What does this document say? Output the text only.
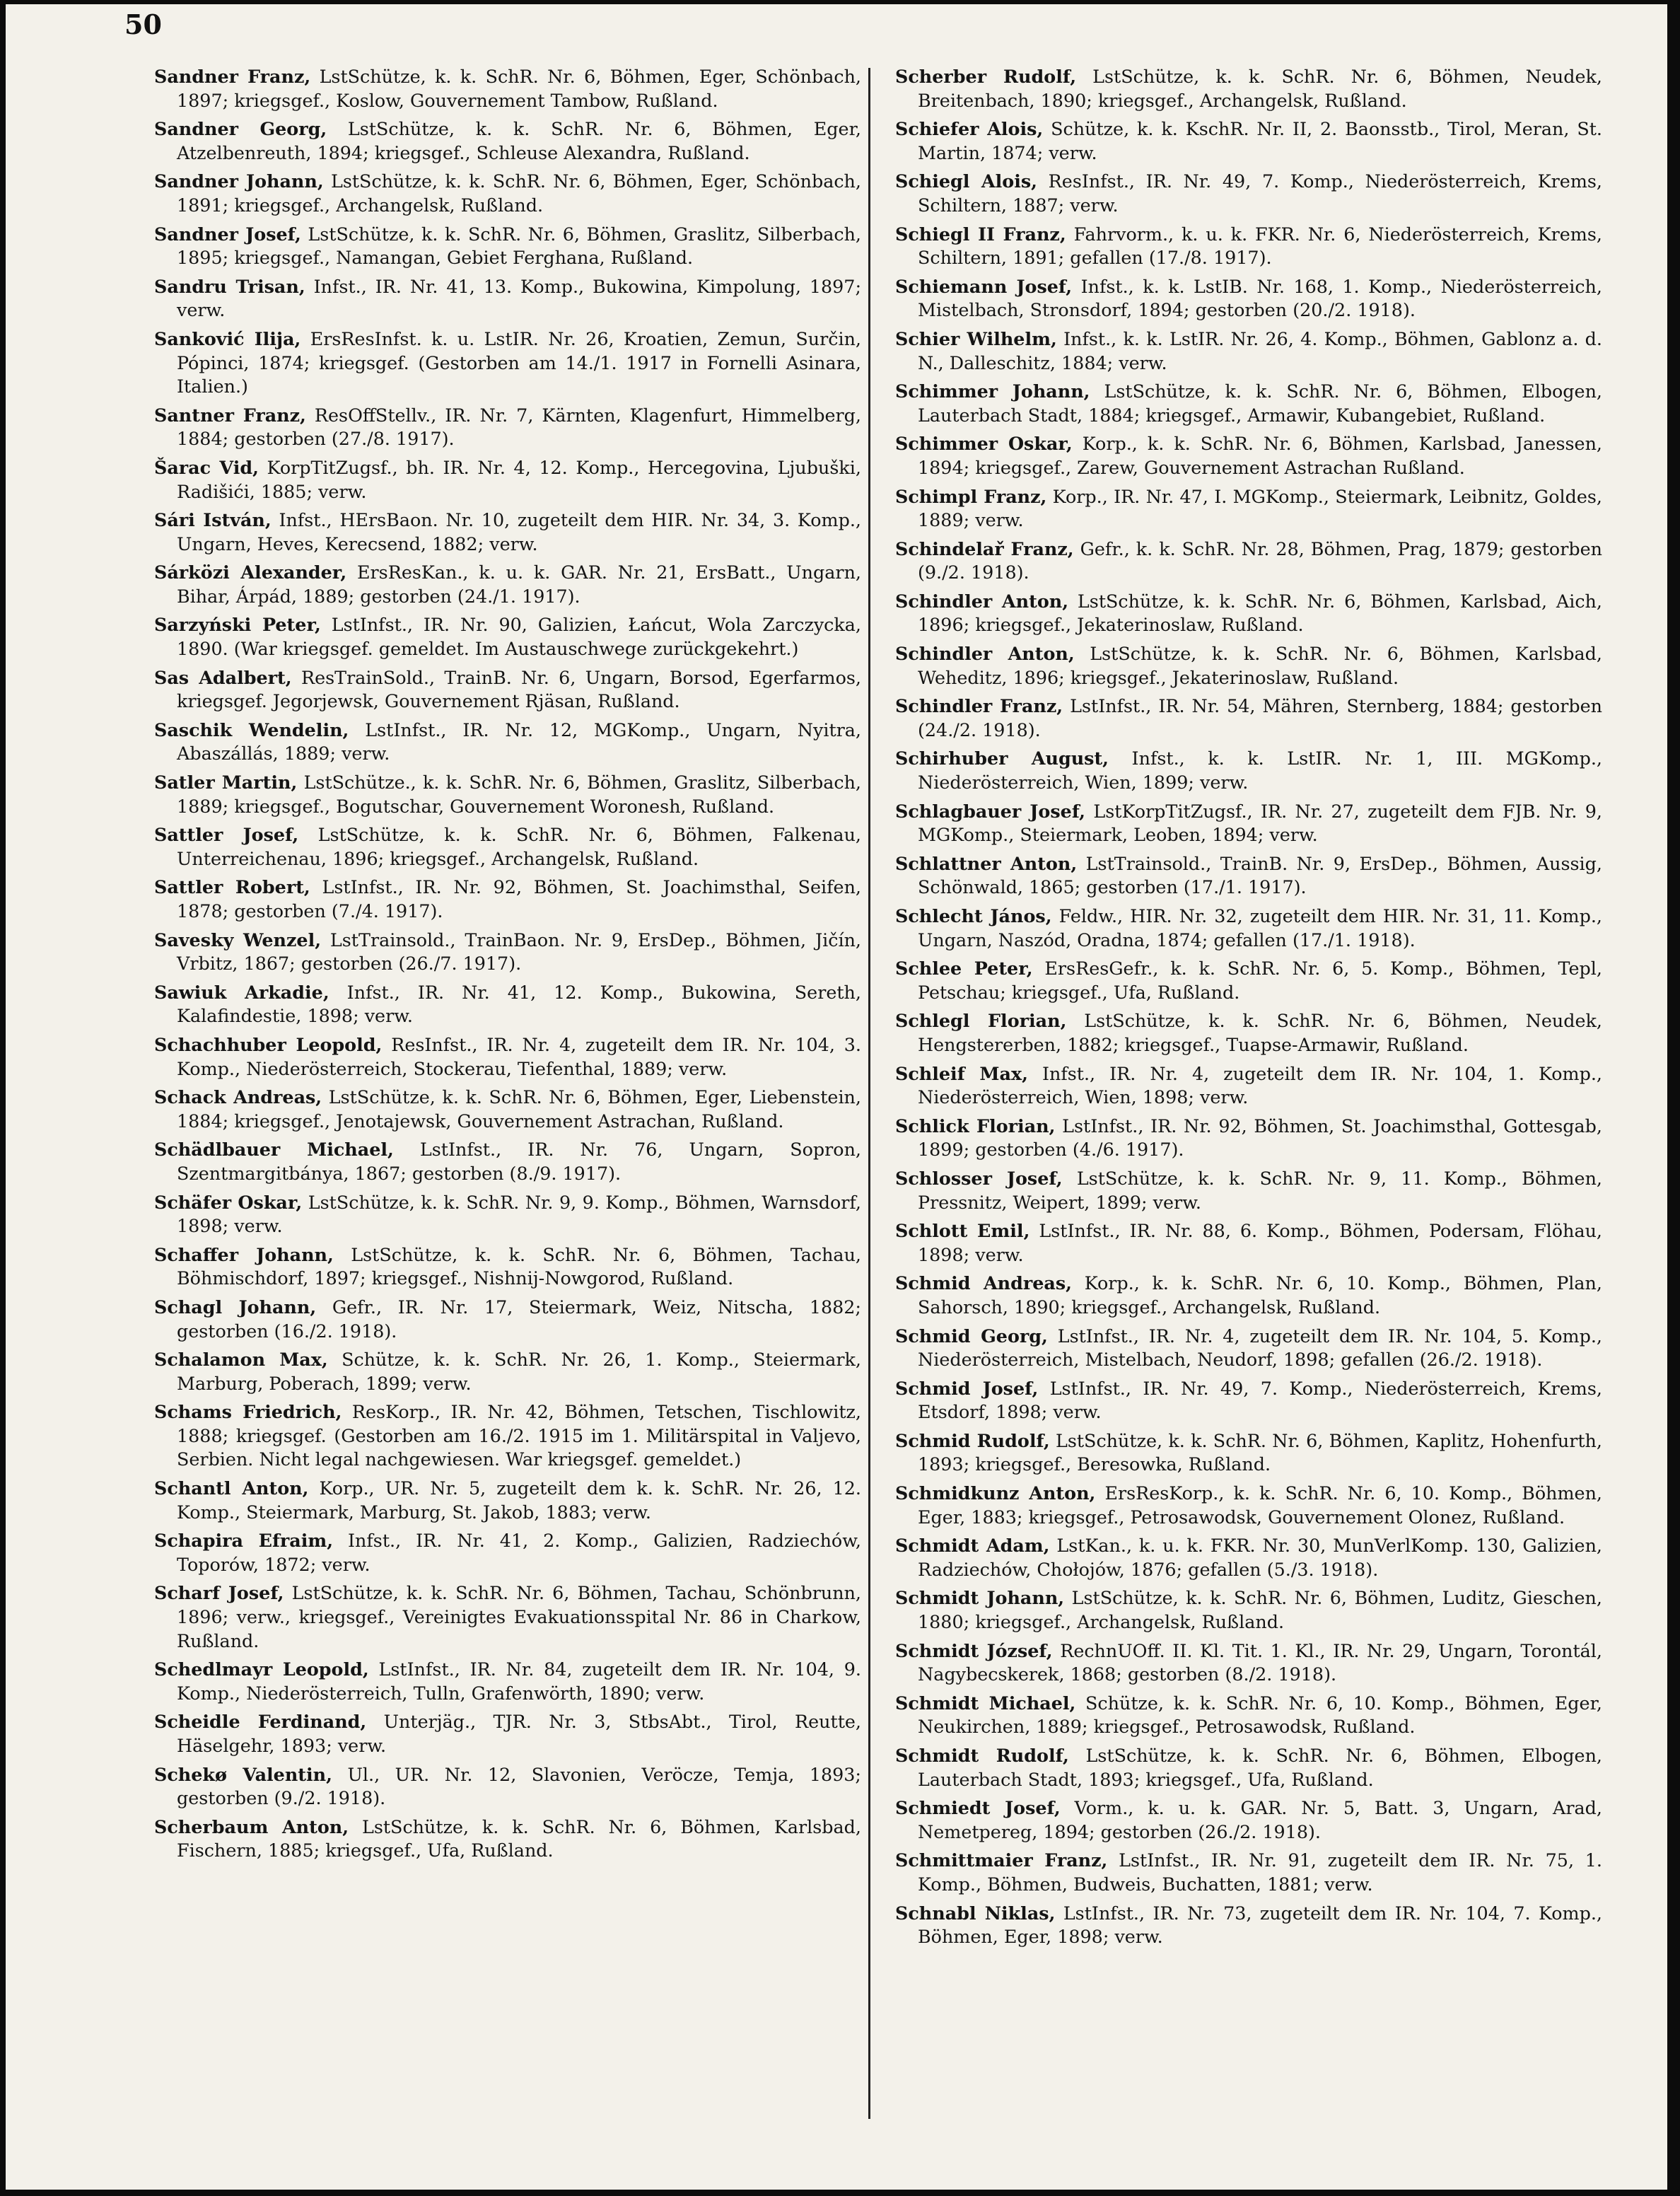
50

Sandner Franz, LstSchütze, k. k. SchR. Nr. 6, Böhmen, Eger, Schönbach, 1897; kriegsgef., Koslow, Gouvernement Tambow, Rußland.

Sandner Georg, LstSchütze, k. k. SchR. Nr. 6, Böhmen, Eger, Atzelbenreuth, 1894; kriegsgef., Schleuse Alexandra, Rußland.

Sandner Johann, LstSchütze, k. k. SchR. Nr. 6, Böhmen, Eger, Schönbach, 1891; kriegsgef., Archangelsk, Rußland.

Sandner Josef, LstSchütze, k. k. SchR. Nr. 6, Böhmen, Graslitz, Silberbach, 1895; kriegsgef., Namangan, Gebiet Ferghana, Rußland.

Sandru Trisan, Infst., IR. Nr. 41, 13. Komp., Bukowina, Kimpolung, 1897; verw.

Sanković Ilija, ErsResInfst. k. u. LstIR. Nr. 26, Kroatien, Zemun, Surčin, Pópinci, 1874; kriegsgef. (Gestorben am 14./1. 1917 in Fornelli Asinara, Italien.)

Santner Franz, ResOffStellv., IR. Nr. 7, Kärnten, Klagenfurt, Himmelberg, 1884; gestorben (27./8. 1917).

Šarac Vid, KorpTitZugsf., bh. IR. Nr. 4, 12. Komp., Hercegovina, Ljubuški, Radišići, 1885; verw.

Sári István, Infst., HErsBaon. Nr. 10, zugeteilt dem HIR. Nr. 34, 3. Komp., Ungarn, Heves, Kerecsend, 1882; verw.

Sárközi Alexander, ErsResKan., k. u. k. GAR. Nr. 21, ErsBatt., Ungarn, Bihar, Árpád, 1889; gestorben (24./1. 1917).

Sarzyński Peter, LstInfst., IR. Nr. 90, Galizien, Łańcut, Wola Zarczycka, 1890. (War kriegsgef. gemeldet. Im Austauschwege zurückgekehrt.)

Sas Adalbert, ResTrainSold., TrainB. Nr. 6, Ungarn, Borsod, Egerfarmos, kriegsgef. Jegorjewsk, Gouvernement Rjäsan, Rußland.

Saschik Wendelin, LstInfst., IR. Nr. 12, MGKomp., Ungarn, Nyitra, Abaszállás, 1889; verw.

Satler Martin, LstSchütze., k. k. SchR. Nr. 6, Böhmen, Graslitz, Silberbach, 1889; kriegsgef., Bogutschar, Gouvernement Woronesh, Rußland.

Sattler Josef, LstSchütze, k. k. SchR. Nr. 6, Böhmen, Falkenau, Unterreichenau, 1896; kriegsgef., Archangelsk, Rußland.

Sattler Robert, LstInfst., IR. Nr. 92, Böhmen, St. Joachimsthal, Seifen, 1878; gestorben (7./4. 1917).

Savesky Wenzel, LstTrainsold., TrainBaon. Nr. 9, ErsDep., Böhmen, Jičín, Vrbitz, 1867; gestorben (26./7. 1917).

Sawiuk Arkadie, Infst., IR. Nr. 41, 12. Komp., Bukowina, Sereth, Kalafindestie, 1898; verw.

Schachhuber Leopold, ResInfst., IR. Nr. 4, zugeteilt dem IR. Nr. 104, 3. Komp., Niederösterreich, Stockerau, Tiefenthal, 1889; verw.

Schack Andreas, LstSchütze, k. k. SchR. Nr. 6, Böhmen, Eger, Liebenstein, 1884; kriegsgef., Jenotajewsk, Gouvernement Astrachan, Rußland.

Schädlbauer Michael, LstInfst., IR. Nr. 76, Ungarn, Sopron, Szentmargitbánya, 1867; gestorben (8./9. 1917).

Schäfer Oskar, LstSchütze, k. k. SchR. Nr. 9, 9. Komp., Böhmen, Warnsdorf, 1898; verw.

Schaffer Johann, LstSchütze, k. k. SchR. Nr. 6, Böhmen, Tachau, Böhmischdorf, 1897; kriegsgef., Nishnij-Nowgorod, Rußland.

Schagl Johann, Gefr., IR. Nr. 17, Steiermark, Weiz, Nitscha, 1882; gestorben (16./2. 1918).

Schalamon Max, Schütze, k. k. SchR. Nr. 26, 1. Komp., Steiermark, Marburg, Poberach, 1899; verw.

Schams Friedrich, ResKorp., IR. Nr. 42, Böhmen, Tetschen, Tischlowitz, 1888; kriegsgef. (Gestorben am 16./2. 1915 im 1. Militärspital in Valjevo, Serbien. Nicht legal nachgewiesen. War kriegsgef. gemeldet.)

Schantl Anton, Korp., UR. Nr. 5, zugeteilt dem k. k. SchR. Nr. 26, 12. Komp., Steiermark, Marburg, St. Jakob, 1883; verw.

Schapira Efraim, Infst., IR. Nr. 41, 2. Komp., Galizien, Radziechów, Toporów, 1872; verw.

Scharf Josef, LstSchütze, k. k. SchR. Nr. 6, Böhmen, Tachau, Schönbrunn, 1896; verw., kriegsgef., Vereinigtes Evakuationsspital Nr. 86 in Charkow, Rußland.

Schedlmayr Leopold, LstInfst., IR. Nr. 84, zugeteilt dem IR. Nr. 104, 9. Komp., Niederösterreich, Tulln, Grafenwörth, 1890; verw.

Scheidle Ferdinand, Unterjäg., TJR. Nr. 3, StbsAbt., Tirol, Reutte, Häselgehr, 1893; verw.

Schekø Valentin, Ul., UR. Nr. 12, Slavonien, Veröcze, Temja, 1893; gestorben (9./2. 1918).

Scherbaum Anton, LstSchütze, k. k. SchR. Nr. 6, Böhmen, Karlsbad, Fischern, 1885; kriegsgef., Ufa, Rußland.

Scherber Rudolf, LstSchütze, k. k. SchR. Nr. 6, Böhmen, Neudek, Breitenbach, 1890; kriegsgef., Archangelsk, Rußland.

Schiefer Alois, Schütze, k. k. KschR. Nr. II, 2. Baonsstb., Tirol, Meran, St. Martin, 1874; verw.

Schiegl Alois, ResInfst., IR. Nr. 49, 7. Komp., Niederösterreich, Krems, Schiltern, 1887; verw.

Schiegl II Franz, Fahrvorm., k. u. k. FKR. Nr. 6, Niederösterreich, Krems, Schiltern, 1891; gefallen (17./8. 1917).

Schiemann Josef, Infst., k. k. LstIB. Nr. 168, 1. Komp., Niederösterreich, Mistelbach, Stronsdorf, 1894; gestorben (20./2. 1918).

Schier Wilhelm, Infst., k. k. LstIR. Nr. 26, 4. Komp., Böhmen, Gablonz a. d. N., Dalleschitz, 1884; verw.

Schimmer Johann, LstSchütze, k. k. SchR. Nr. 6, Böhmen, Elbogen, Lauterbach Stadt, 1884; kriegsgef., Armawir, Kubangebiet, Rußland.

Schimmer Oskar, Korp., k. k. SchR. Nr. 6, Böhmen, Karlsbad, Janessen, 1894; kriegsgef., Zarew, Gouvernement Astrachan Rußland.

Schimpl Franz, Korp., IR. Nr. 47, I. MGKomp., Steiermark, Leibnitz, Goldes, 1889; verw.

Schindelař Franz, Gefr., k. k. SchR. Nr. 28, Böhmen, Prag, 1879; gestorben (9./2. 1918).

Schindler Anton, LstSchütze, k. k. SchR. Nr. 6, Böhmen, Karlsbad, Aich, 1896; kriegsgef., Jekaterinoslaw, Rußland.

Schindler Anton, LstSchütze, k. k. SchR. Nr. 6, Böhmen, Karlsbad, Weheditz, 1896; kriegsgef., Jekaterinoslaw, Rußland.

Schindler Franz, LstInfst., IR. Nr. 54, Mähren, Sternberg, 1884; gestorben (24./2. 1918).

Schirhuber August, Infst., k. k. LstIR. Nr. 1, III. MGKomp., Niederösterreich, Wien, 1899; verw.

Schlagbauer Josef, LstKorpTitZugsf., IR. Nr. 27, zugeteilt dem FJB. Nr. 9, MGKomp., Steiermark, Leoben, 1894; verw.

Schlattner Anton, LstTrainsold., TrainB. Nr. 9, ErsDep., Böhmen, Aussig, Schönwald, 1865; gestorben (17./1. 1917).

Schlecht János, Feldw., HIR. Nr. 32, zugeteilt dem HIR. Nr. 31, 11. Komp., Ungarn, Naszód, Oradna, 1874; gefallen (17./1. 1918).

Schlee Peter, ErsResGefr., k. k. SchR. Nr. 6, 5. Komp., Böhmen, Tepl, Petschau; kriegsgef., Ufa, Rußland.

Schlegl Florian, LstSchütze, k. k. SchR. Nr. 6, Böhmen, Neudek, Hengstererben, 1882; kriegsgef., Tuapse-Armawir, Rußland.

Schleif Max, Infst., IR. Nr. 4, zugeteilt dem IR. Nr. 104, 1. Komp., Niederösterreich, Wien, 1898; verw.

Schlick Florian, LstInfst., IR. Nr. 92, Böhmen, St. Joachimsthal, Gottesgab, 1899; gestorben (4./6. 1917).

Schlosser Josef, LstSchütze, k. k. SchR. Nr. 9, 11. Komp., Böhmen, Pressnitz, Weipert, 1899; verw.

Schlott Emil, LstInfst., IR. Nr. 88, 6. Komp., Böhmen, Podersam, Flöhau, 1898; verw.

Schmid Andreas, Korp., k. k. SchR. Nr. 6, 10. Komp., Böhmen, Plan, Sahorsch, 1890; kriegsgef., Archangelsk, Rußland.

Schmid Georg, LstInfst., IR. Nr. 4, zugeteilt dem IR. Nr. 104, 5. Komp., Niederösterreich, Mistelbach, Neudorf, 1898; gefallen (26./2. 1918).

Schmid Josef, LstInfst., IR. Nr. 49, 7. Komp., Niederösterreich, Krems, Etsdorf, 1898; verw.

Schmid Rudolf, LstSchütze, k. k. SchR. Nr. 6, Böhmen, Kaplitz, Hohenfurth, 1893; kriegsgef., Beresowka, Rußland.

Schmidkunz Anton, ErsResKorp., k. k. SchR. Nr. 6, 10. Komp., Böhmen, Eger, 1883; kriegsgef., Petrosawodsk, Gouvernement Olonez, Rußland.

Schmidt Adam, LstKan., k. u. k. FKR. Nr. 30, MunVerlKomp. 130, Galizien, Radziechów, Chołojów, 1876; gefallen (5./3. 1918).

Schmidt Johann, LstSchütze, k. k. SchR. Nr. 6, Böhmen, Luditz, Gieschen, 1880; kriegsgef., Archangelsk, Rußland.

Schmidt József, RechnUOff. II. Kl. Tit. 1. Kl., IR. Nr. 29, Ungarn, Torontál, Nagybecskerek, 1868; gestorben (8./2. 1918).

Schmidt Michael, Schütze, k. k. SchR. Nr. 6, 10. Komp., Böhmen, Eger, Neukirchen, 1889; kriegsgef., Petrosawodsk, Rußland.

Schmidt Rudolf, LstSchütze, k. k. SchR. Nr. 6, Böhmen, Elbogen, Lauterbach Stadt, 1893; kriegsgef., Ufa, Rußland.

Schmiedt Josef, Vorm., k. u. k. GAR. Nr. 5, Batt. 3, Ungarn, Arad, Nemetpereg, 1894; gestorben (26./2. 1918).

Schmittmaier Franz, LstInfst., IR. Nr. 91, zugeteilt dem IR. Nr. 75, 1. Komp., Böhmen, Budweis, Buchatten, 1881; verw.

Schnabl Niklas, LstInfst., IR. Nr. 73, zugeteilt dem IR. Nr. 104, 7. Komp., Böhmen, Eger, 1898; verw.
